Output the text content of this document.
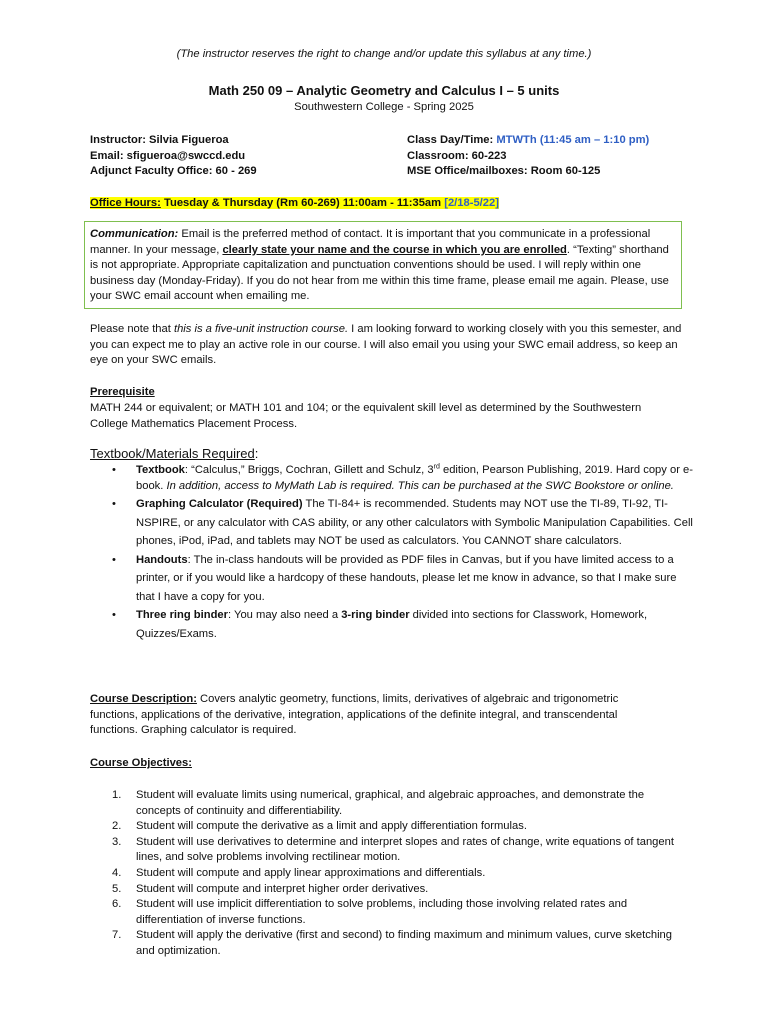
(The instructor reserves the right to change and/or update this syllabus at any time.)
Math 250 09 – Analytic Geometry and Calculus I – 5 units
Southwestern College - Spring 2025
Instructor: Silvia Figueroa
Email: sfigueroa@swccd.edu
Adjunct Faculty Office: 60 - 269
Class Day/Time: MTWTh (11:45 am – 1:10 pm)
Classroom: 60-223
MSE Office/mailboxes: Room 60-125
Office Hours: Tuesday & Thursday (Rm 60-269) 11:00am - 11:35am [2/18-5/22]
Communication: Email is the preferred method of contact. It is important that you communicate in a professional manner. In your message, clearly state your name and the course in which you are enrolled. “Texting” shorthand is not appropriate. Appropriate capitalization and punctuation conventions should be used. I will reply within one business day (Monday-Friday). If you do not hear from me within this time frame, please email me again. Please, use your SWC email account when emailing me.
Please note that this is a five-unit instruction course. I am looking forward to working closely with you this semester, and you can expect me to play an active role in our course. I will also email you using your SWC email address, so keep an eye on your SWC emails.
Prerequisite
MATH 244 or equivalent; or MATH 101 and 104; or the equivalent skill level as determined by the Southwestern College Mathematics Placement Process.
Textbook/Materials Required:
• Textbook: “Calculus,” Briggs, Cochran, Gillett and Schulz, 3rd edition, Pearson Publishing, 2019. Hard copy or e-book. In addition, access to MyMath Lab is required. This can be purchased at the SWC Bookstore or online.
• Graphing Calculator (Required) The TI-84+ is recommended. Students may NOT use the TI-89, TI-92, TI-NSPIRE, or any calculator with CAS ability, or any other calculators with Symbolic Manipulation Capabilities. Cell phones, iPod, iPad, and tablets may NOT be used as calculators. You CANNOT share calculators.
• Handouts: The in-class handouts will be provided as PDF files in Canvas, but if you have limited access to a printer, or if you would like a hardcopy of these handouts, please let me know in advance, so that I make sure that I have a copy for you.
• Three ring binder: You may also need a 3-ring binder divided into sections for Classwork, Homework, Quizzes/Exams.
Course Description: Covers analytic geometry, functions, limits, derivatives of algebraic and trigonometric functions, applications of the derivative, integration, applications of the definite integral, and transcendental functions. Graphing calculator is required.
Course Objectives:
1. Student will evaluate limits using numerical, graphical, and algebraic approaches, and demonstrate the concepts of continuity and differentiability.
2. Student will compute the derivative as a limit and apply differentiation formulas.
3. Student will use derivatives to determine and interpret slopes and rates of change, write equations of tangent lines, and solve problems involving rectilinear motion.
4. Student will compute and apply linear approximations and differentials.
5. Student will compute and interpret higher order derivatives.
6. Student will use implicit differentiation to solve problems, including those involving related rates and differentiation of inverse functions.
7. Student will apply the derivative (first and second) to finding maximum and minimum values, curve sketching and optimization.
